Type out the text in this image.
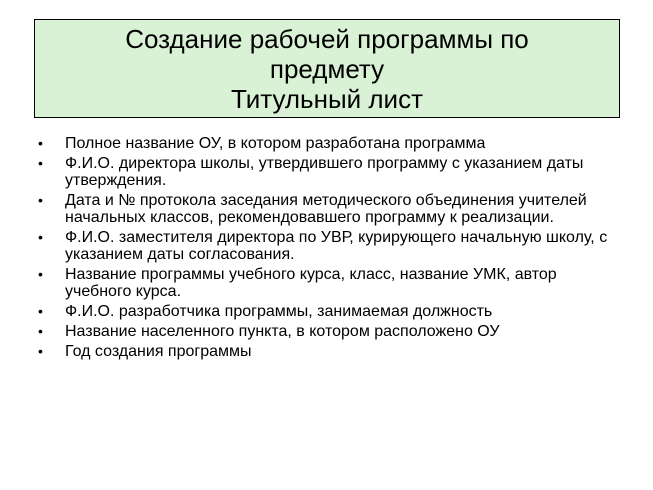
Создание рабочей программы по
предмету
Титульный лист
•	Полное название ОУ, в котором разработана программа
•	Ф.И.О. директора школы, утвердившего программу с указанием даты утверждения.
•	Дата и № протокола заседания методического объединения учителей начальных классов, рекомендовавшего программу к реализации.
•	Ф.И.О. заместителя директора по УВР, курирующего начальную школу, с указанием даты согласования.
•	Название программы учебного курса, класс, название УМК, автор учебного курса.
•	Ф.И.О. разработчика программы, занимаемая должность
•	Название населенного пункта, в котором расположено ОУ
•	Год создания программы
